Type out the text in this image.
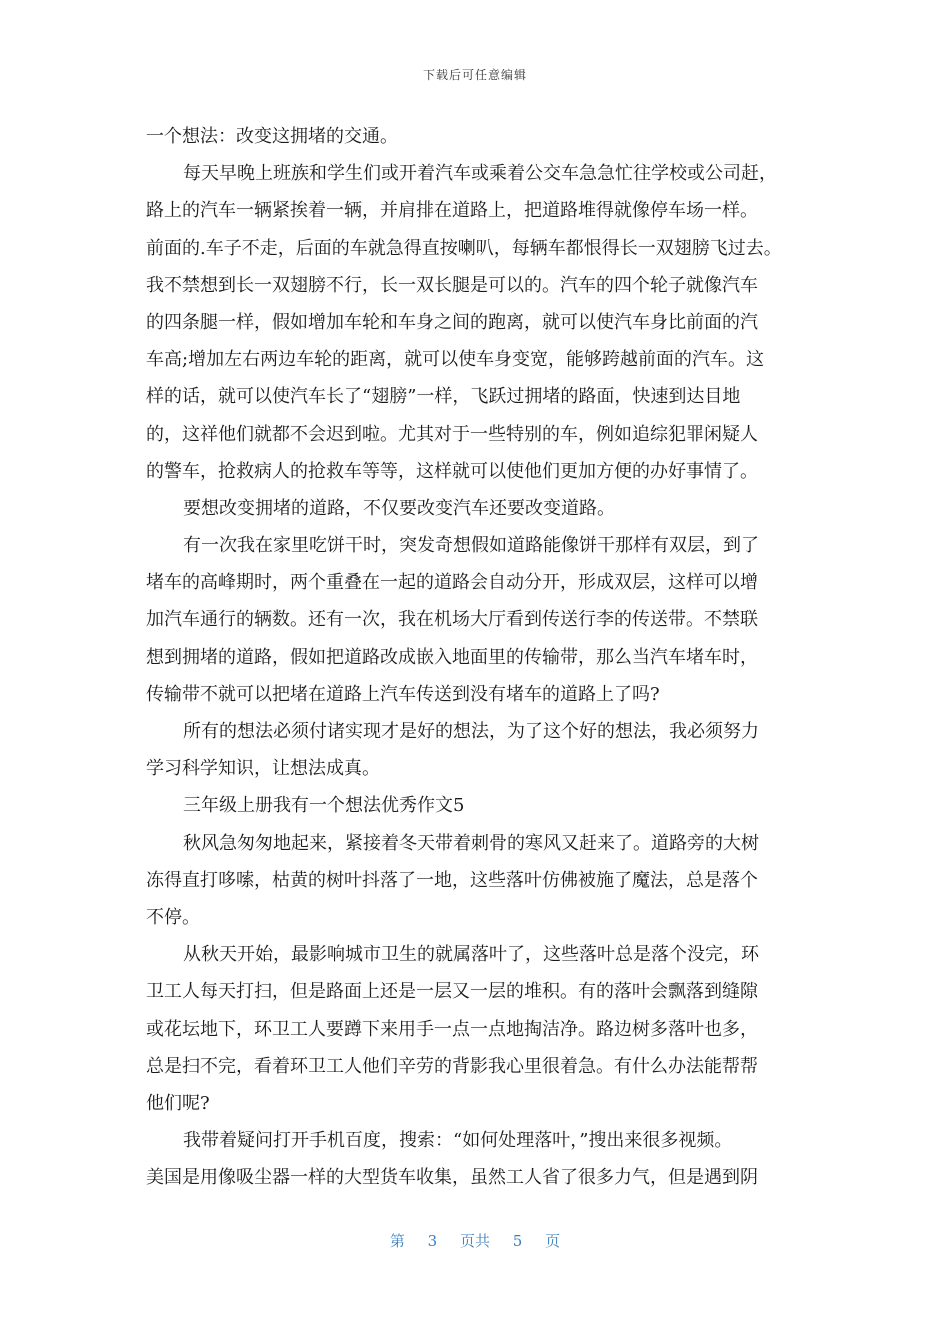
下载后可任意编辑
一个想法：改变这拥堵的交通。
每天早晚上班族和学生们或开着汽车或乘着公交车急急忙往学校或公司赶，
路上的汽车一辆紧挨着一辆，并肩排在道路上，把道路堆得就像停车场一样。
前面的.车子不走，后面的车就急得直按喇叭，每辆车都恨得长一双翅膀飞过去。
我不禁想到长一双翅膀不行，长一双长腿是可以的。汽车的四个轮子就像汽车
的四条腿一样，假如增加车轮和车身之间的跑离，就可以使汽车身比前面的汽
车高;增加左右两边车轮的距离，就可以使车身变宽，能够跨越前面的汽车。这
样的话，就可以使汽车长了“翅膀”一样，飞跃过拥堵的路面，快速到达目地
的，这祥他们就都不会迟到啦。尤其对于一些特别的车，例如追综犯罪闲疑人
的警车，抢救病人的抢救车等等，这样就可以使他们更加方便的办好事情了。
要想改变拥堵的道路，不仅要改变汽车还要改变道路。
有一次我在家里吃饼干时，突发奇想假如道路能像饼干那样有双层，到了
堵车的高峰期时，两个重叠在一起的道路会自动分开，形成双层，这样可以增
加汽车通行的辆数。还有一次，我在机场大厅看到传送行李的传送带。不禁联
想到拥堵的道路，假如把道路改成嵌入地面里的传输带，那么当汽车堵车时，
传输带不就可以把堵在道路上汽车传送到没有堵车的道路上了吗?
所有的想法必须付诸实现才是好的想法，为了这个好的想法，我必须努力
学习科学知识，让想法成真。
三年级上册我有一个想法优秀作文5
秋风急匆匆地起来，紧接着冬天带着刺骨的寒风又赶来了。道路旁的大树
冻得直打哆嗦，枯黄的树叶抖落了一地，这些落叶仿佛被施了魔法，总是落个
不停。
从秋天开始，最影响城市卫生的就属落叶了，这些落叶总是落个没完，环
卫工人每天打扫，但是路面上还是一层又一层的堆积。有的落叶会飘落到缝隙
或花坛地下，环卫工人要蹲下来用手一点一点地掏洁净。路边树多落叶也多，
总是扫不完，看着环卫工人他们辛劳的背影我心里很着急。有什么办法能帮帮
他们呢?
我带着疑问打开手机百度，搜索：“如何处理落叶，”搜出来很多视频。
美国是用像吸尘器一样的大型货车收集，虽然工人省了很多力气，但是遇到阴
第 3 页共 5 页
